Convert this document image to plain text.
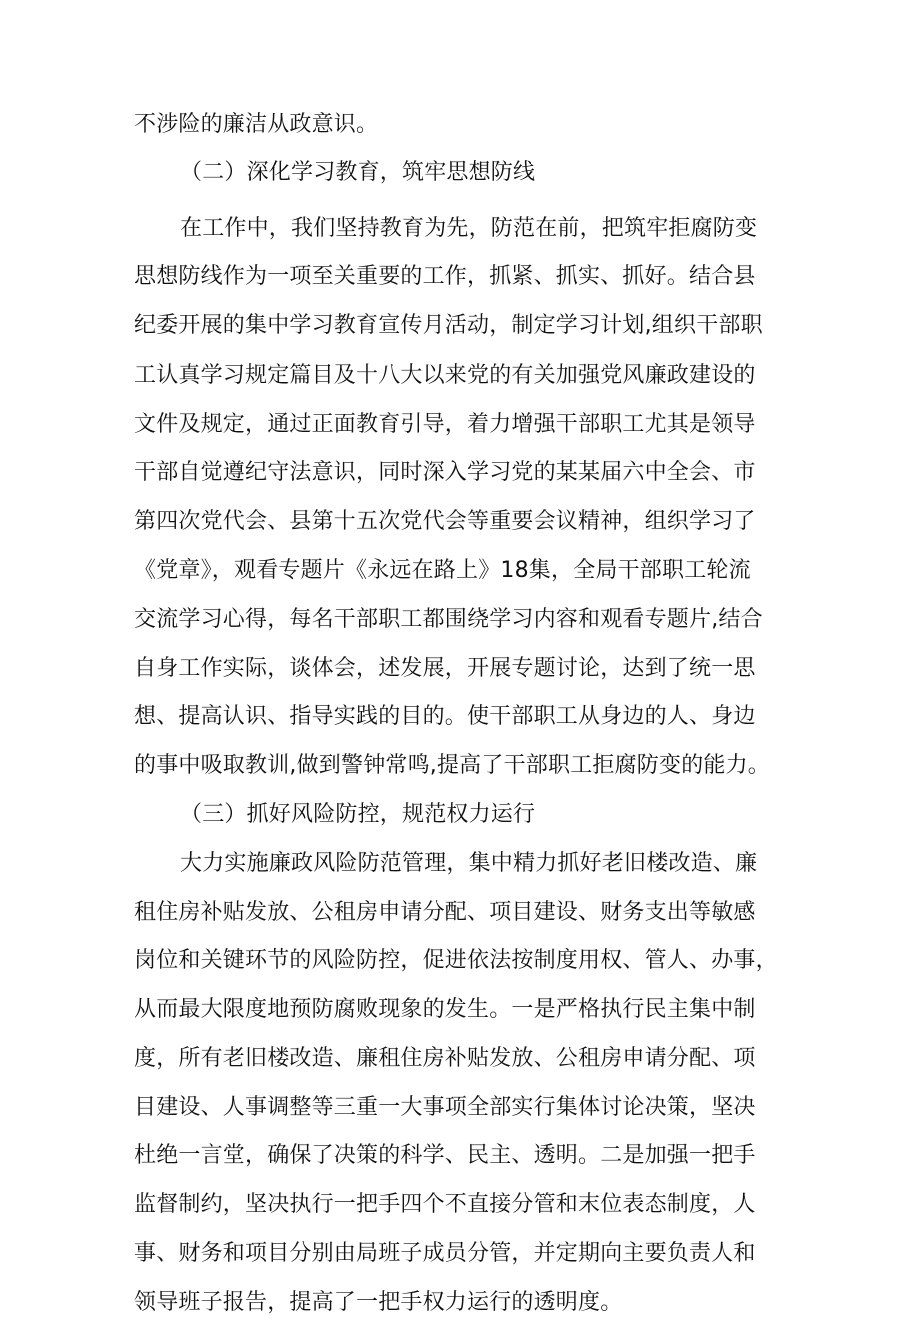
不涉险的廉洁从政意识。
（二）深化学习教育，筑牢思想防线
在工作中，我们坚持教育为先，防范在前，把筑牢拒腐防变
思想防线作为一项至关重要的工作，抓紧、抓实、抓好。结合县
纪委开展的集中学习教育宣传月活动，制定学习计划,组织干部职
工认真学习规定篇目及十八大以来党的有关加强党风廉政建设的
文件及规定，通过正面教育引导，着力增强干部职工尤其是领导
干部自觉遵纪守法意识，同时深入学习党的某某届六中全会、市
第四次党代会、县第十五次党代会等重要会议精神，组织学习了
《党章》，观看专题片《永远在路上》18集，全局干部职工轮流
交流学习心得，每名干部职工都围绕学习内容和观看专题片,结合
自身工作实际，谈体会，述发展，开展专题讨论，达到了统一思
想、提高认识、指导实践的目的。使干部职工从身边的人、身边
的事中吸取教训,做到警钟常鸣,提高了干部职工拒腐防变的能力。
（三）抓好风险防控，规范权力运行
大力实施廉政风险防范管理，集中精力抓好老旧楼改造、廉
租住房补贴发放、公租房申请分配、项目建设、财务支出等敏感
岗位和关键环节的风险防控，促进依法按制度用权、管人、办事，
从而最大限度地预防腐败现象的发生。一是严格执行民主集中制
度，所有老旧楼改造、廉租住房补贴发放、公租房申请分配、项
目建设、人事调整等三重一大事项全部实行集体讨论决策，坚决
杜绝一言堂，确保了决策的科学、民主、透明。二是加强一把手
监督制约，坚决执行一把手四个不直接分管和末位表态制度，人
事、财务和项目分别由局班子成员分管，并定期向主要负责人和
领导班子报告，提高了一把手权力运行的透明度。
